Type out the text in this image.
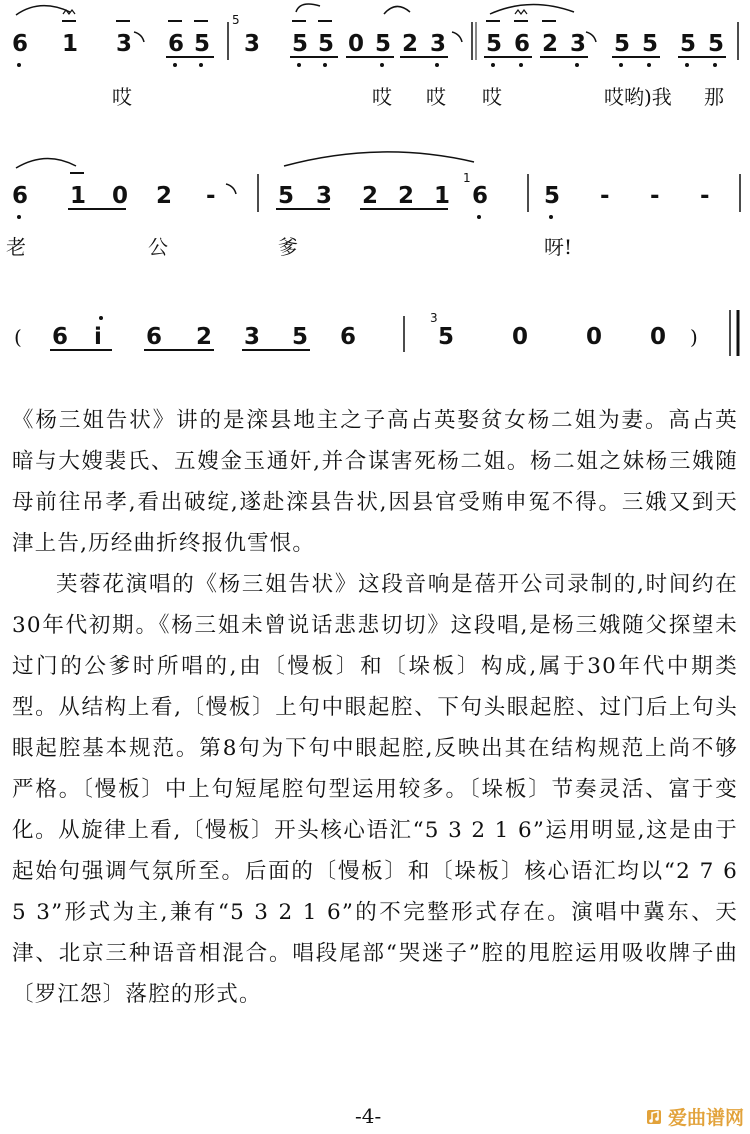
6 1 3 6 5
5
3 5 5 0 5 2 3 5 6 2 3 5 5 5 5
哎	哎 哎 哎	哎哟)我 那
6 1 0 2 -	5 3 2 2 1
1
6 5 - - -
老	公	爹	呀!
( 6 i 6 2 3 5 6
3
5	0	0 0 )

《杨三姐告状》讲的是滦县地主之子高占英娶贫女杨二姐为妻。高占英暗与大嫂裴氏、五嫂金玉通奸,并合谋害死杨二姐。杨二姐之妹杨三娥随母前往吊孝,看出破绽,遂赴滦县告状,因县官受贿申冤不得。三娥又到天津上告,历经曲折终报仇雪恨。

芙蓉花演唱的《杨三姐告状》这段音响是蓓开公司录制的,时间约在30年代初期。《杨三姐未曾说话悲悲切切》这段唱,是杨三娥随父探望未过门的公爹时所唱的,由〔慢板〕和〔垛板〕构成,属于30年代中期类型。从结构上看,〔慢板〕上句中眼起腔、下句头眼起腔、过门后上句头眼起腔基本规范。第8句为下句中眼起腔,反映出其在结构规范上尚不够严格。〔慢板〕中上句短尾腔句型运用较多。〔垛板〕节奏灵活、富于变化。从旋律上看,〔慢板〕开头核心语汇“5 3 2 1 6”运用明显,这是由于起始句强调气氛所至。后面的〔慢板〕和〔垛板〕核心语汇均以“2 7 6 5 3”形式为主,兼有“5 3 2 1 6”的不完整形式存在。演唱中冀东、天津、北京三种语音相混合。唱段尾部“哭迷子”腔的甩腔运用吸收牌子曲〔罗江怨〕落腔的形式。

-4-	爱曲谱网
